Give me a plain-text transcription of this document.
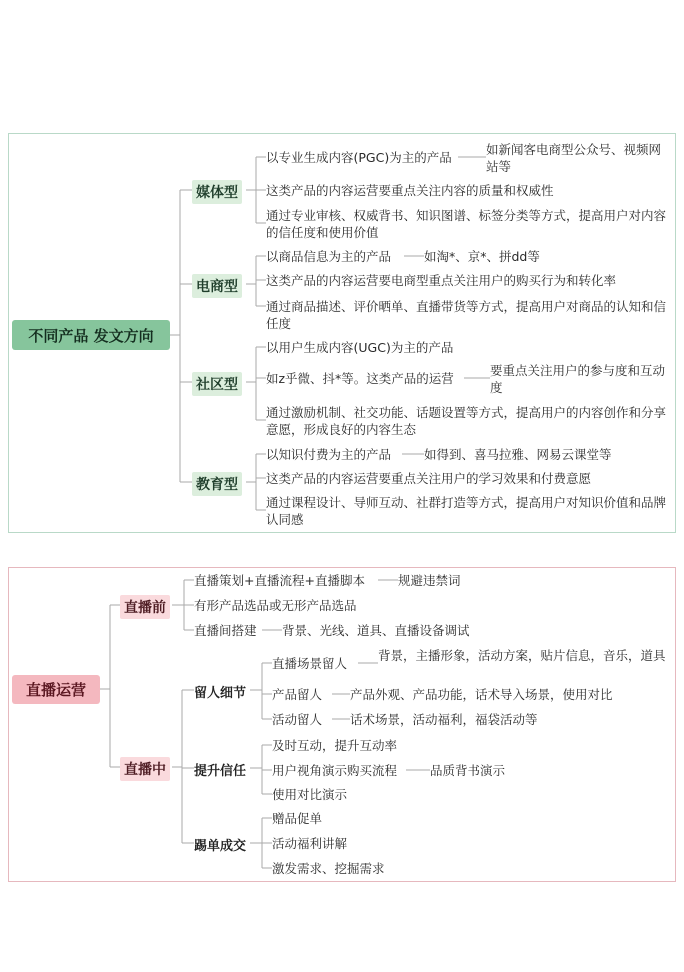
不同产品 发文方向
媒体型
以专业生成内容(PGC)为主的产品
如新闻客电商型公众号、视频网站等
这类产品的内容运营要重点关注内容的质量和权威性
通过专业审核、权威背书、知识图谱、标签分类等方式，提高用户对内容的信任度和使用价值
电商型
以商品信息为主的产品	如淘*、京*、拼dd等
这类产品的内容运营要电商型重点关注用户的购买行为和转化率
通过商品描述、评价晒单、直播带货等方式，提高用户对商品的认知和信任度
社区型
以用户生成内容(UGC)为主的产品
如z乎微、抖*等。这类产品的运营
要重点关注用户的参与度和互动度
通过激励机制、社交功能、话题设置等方式，提高用户的内容创作和分享意愿，形成良好的内容生态
教育型
以知识付费为主的产品	如得到、喜马拉雅、网易云课堂等
这类产品的内容运营要重点关注用户的学习效果和付费意愿
通过课程设计、导师互动、社群打造等方式，提高用户对知识价值和品牌认同感
直播运营
直播前
直播策划+直播流程+直播脚本	规避违禁词
有形产品选品或无形产品选品
直播间搭建 背景、光线、道具、直播设备调试
直播中
留人细节
直播场景留人
背景，主播形象，活动方案，贴片信息，音乐，道具
产品留人 产品外观、产品功能，话术导入场景，使用对比
活动留人 话术场景，活动福利，福袋活动等
提升信任
及时互动，提升互动率
用户视角演示购买流程	品质背书演示
使用对比演示
踢单成交
赠品促单
活动福利讲解
激发需求、挖掘需求
